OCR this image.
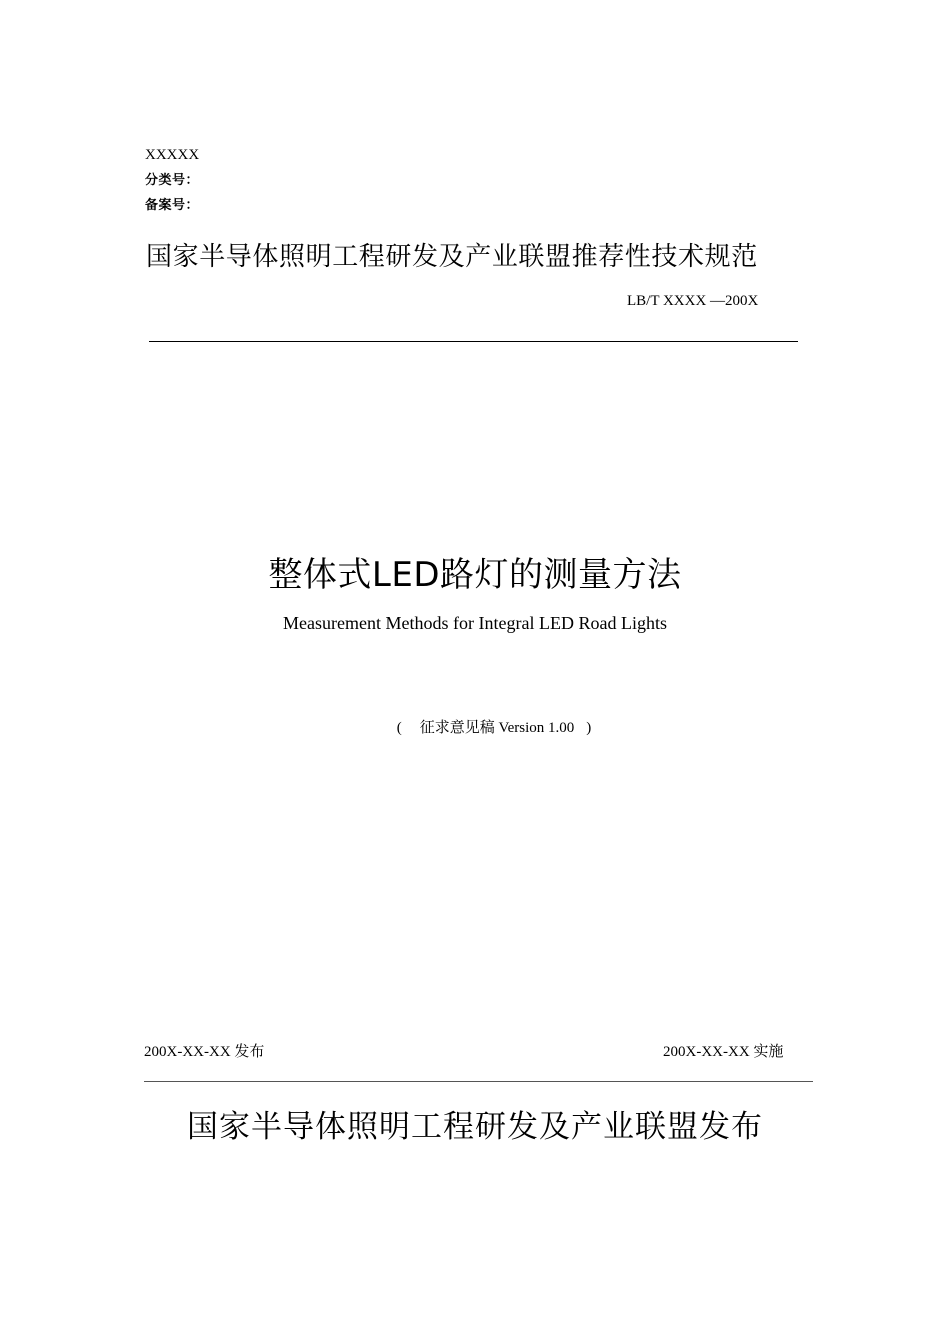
XXXXX
分类号：
备案号：
国家半导体照明工程研发及产业联盟推荐性技术规范
LB/T XXXX —200X
整体式LED路灯的测量方法
Measurement Methods for Integral LED Road Lights
( 征求意见稿 Version 1.00 )
200X-XX-XX 发布	200X-XX-XX 实施
国家半导体照明工程研发及产业联盟发布
